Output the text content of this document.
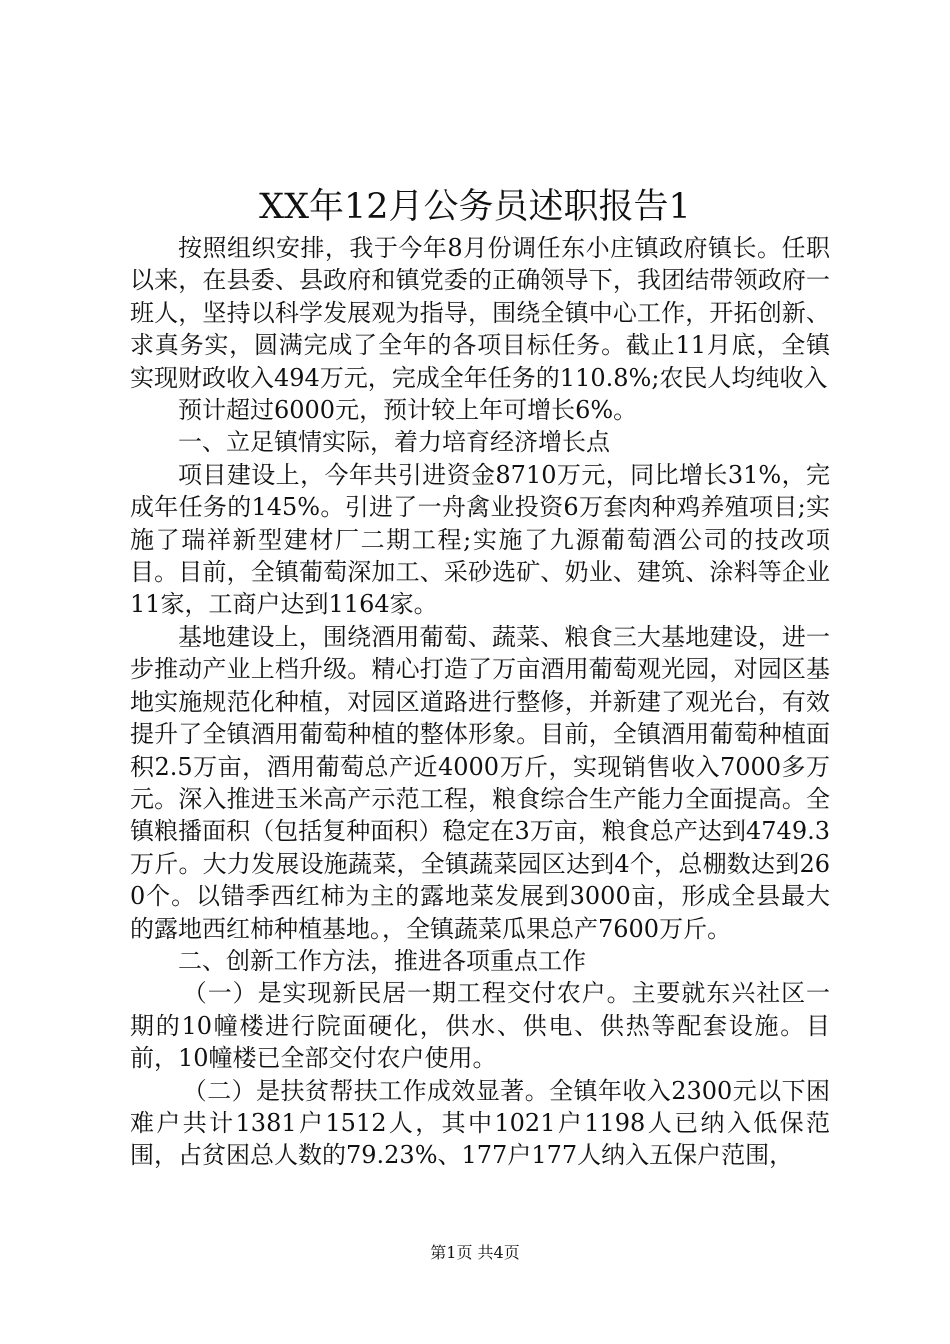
XX年12月公务员述职报告1

按照组织安排，我于今年8月份调任东小庄镇政府镇长。任职以来，在县委、县政府和镇党委的正确领导下，我团结带领政府一班人，坚持以科学发展观为指导，围绕全镇中心工作，开拓创新、求真务实，圆满完成了全年的各项目标任务。截止11月底，全镇实现财政收入494万元，完成全年任务的110.8%;农民人均纯收入

预计超过6000元，预计较上年可增长6%。

一、立足镇情实际，着力培育经济增长点

项目建设上，今年共引进资金8710万元，同比增长31%，完成年任务的145%。引进了一舟禽业投资6万套肉种鸡养殖项目;实施了瑞祥新型建材厂二期工程;实施了九源葡萄酒公司的技改项目。目前，全镇葡萄深加工、采砂选矿、奶业、建筑、涂料等企业11家，工商户达到1164家。

基地建设上，围绕酒用葡萄、蔬菜、粮食三大基地建设，进一步推动产业上档升级。精心打造了万亩酒用葡萄观光园，对园区基地实施规范化种植，对园区道路进行整修，并新建了观光台，有效提升了全镇酒用葡萄种植的整体形象。目前，全镇酒用葡萄种植面积2.5万亩，酒用葡萄总产近4000万斤，实现销售收入7000多万元。深入推进玉米高产示范工程，粮食综合生产能力全面提高。全镇粮播面积（包括复种面积）稳定在3万亩，粮食总产达到4749.3万斤。大力发展设施蔬菜，全镇蔬菜园区达到4个，总棚数达到260个。以错季西红柿为主的露地菜发展到3000亩，形成全县最大的露地西红柿种植基地。，全镇蔬菜瓜果总产7600万斤。

二、创新工作方法，推进各项重点工作

（一）是实现新民居一期工程交付农户。主要就东兴社区一期的10幢楼进行院面硬化，供水、供电、供热等配套设施。目前，10幢楼已全部交付农户使用。

（二）是扶贫帮扶工作成效显著。全镇年收入2300元以下困难户共计1381户1512人，其中1021户1198人已纳入低保范围，占贫困总人数的79.23%、177户177人纳入五保户范围，

第1页 共4页
